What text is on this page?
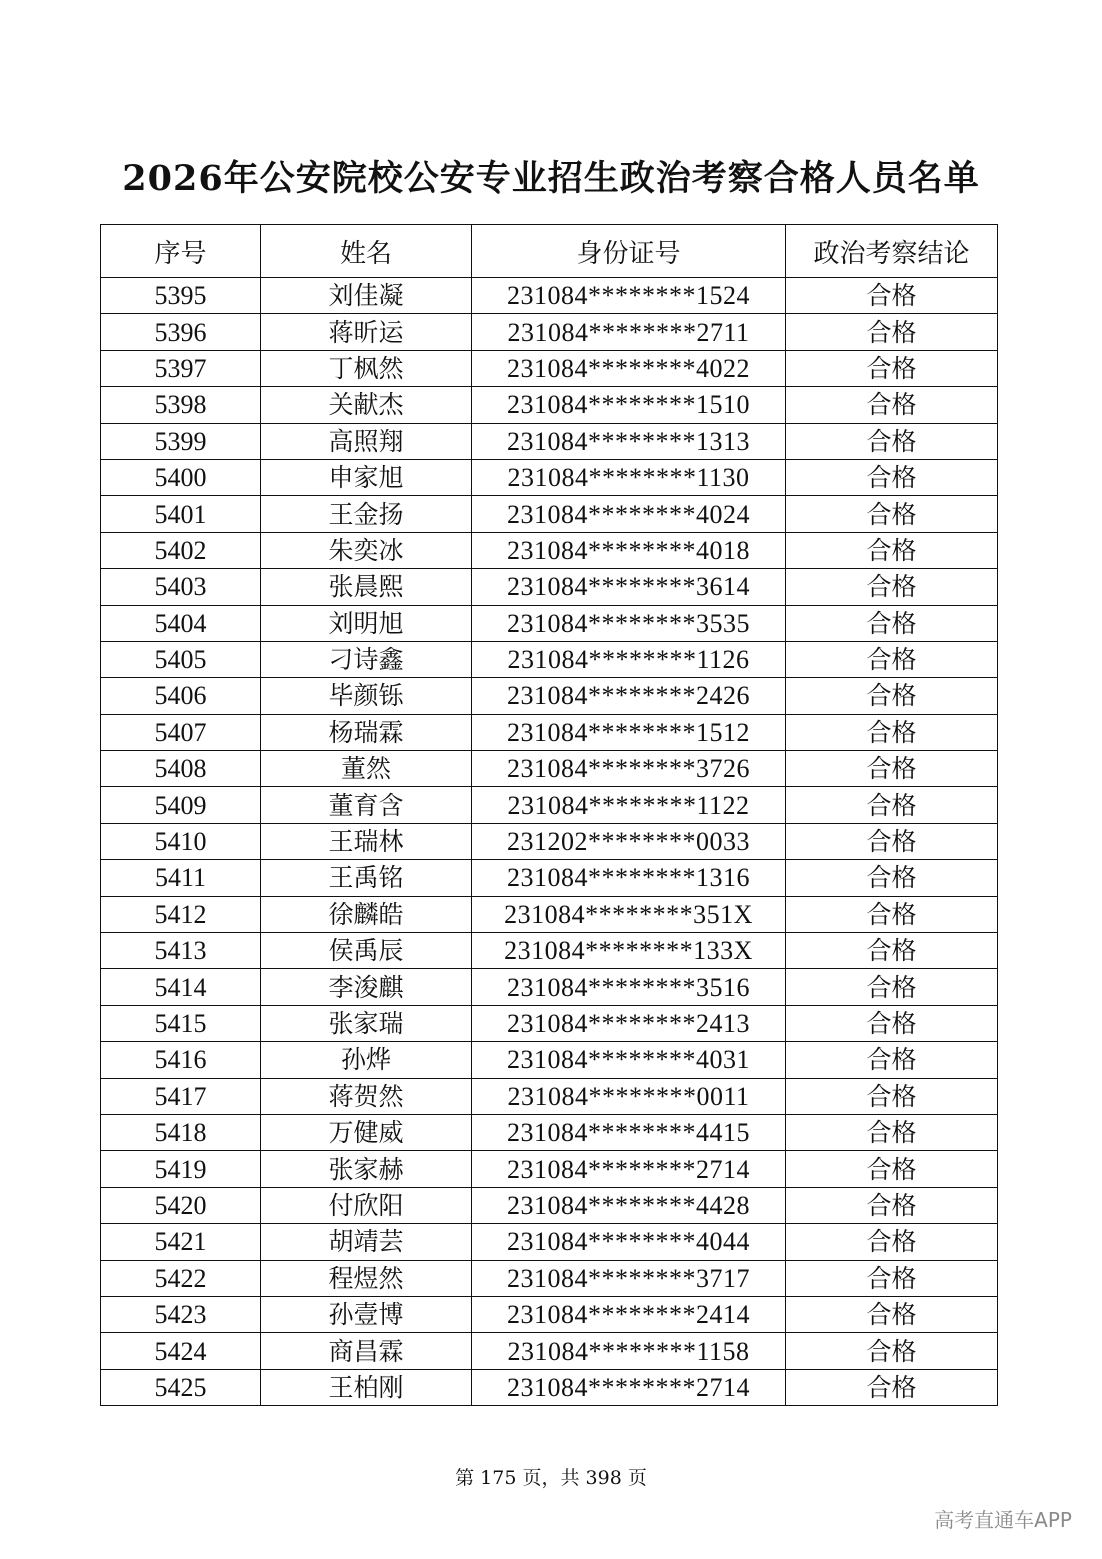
2026年公安院校公安专业招生政治考察合格人员名单
序号	姓名	身份证号	政治考察结论
5395	刘佳凝	231084********1524	合格
5396	蒋昕运	231084********2711	合格
5397	丁枫然	231084********4022	合格
5398	关献杰	231084********1510	合格
5399	高照翔	231084********1313	合格
5400	申家旭	231084********1130	合格
5401	王金扬	231084********4024	合格
5402	朱奕冰	231084********4018	合格
5403	张晨熙	231084********3614	合格
5404	刘明旭	231084********3535	合格
5405	刁诗鑫	231084********1126	合格
5406	毕颜铄	231084********2426	合格
5407	杨瑞霖	231084********1512	合格
5408	董然	231084********3726	合格
5409	董育含	231084********1122	合格
5410	王瑞林	231202********0033	合格
5411	王禹铭	231084********1316	合格
5412	徐麟皓	231084********351X	合格
5413	侯禹辰	231084********133X	合格
5414	李浚麒	231084********3516	合格
5415	张家瑞	231084********2413	合格
5416	孙烨	231084********4031	合格
5417	蒋贺然	231084********0011	合格
5418	万健威	231084********4415	合格
5419	张家赫	231084********2714	合格
5420	付欣阳	231084********4428	合格
5421	胡靖芸	231084********4044	合格
5422	程煜然	231084********3717	合格
5423	孙壹博	231084********2414	合格
5424	商昌霖	231084********1158	合格
5425	王柏刚	231084********2714	合格
第 175 页，共 398 页
高考直通车APP
